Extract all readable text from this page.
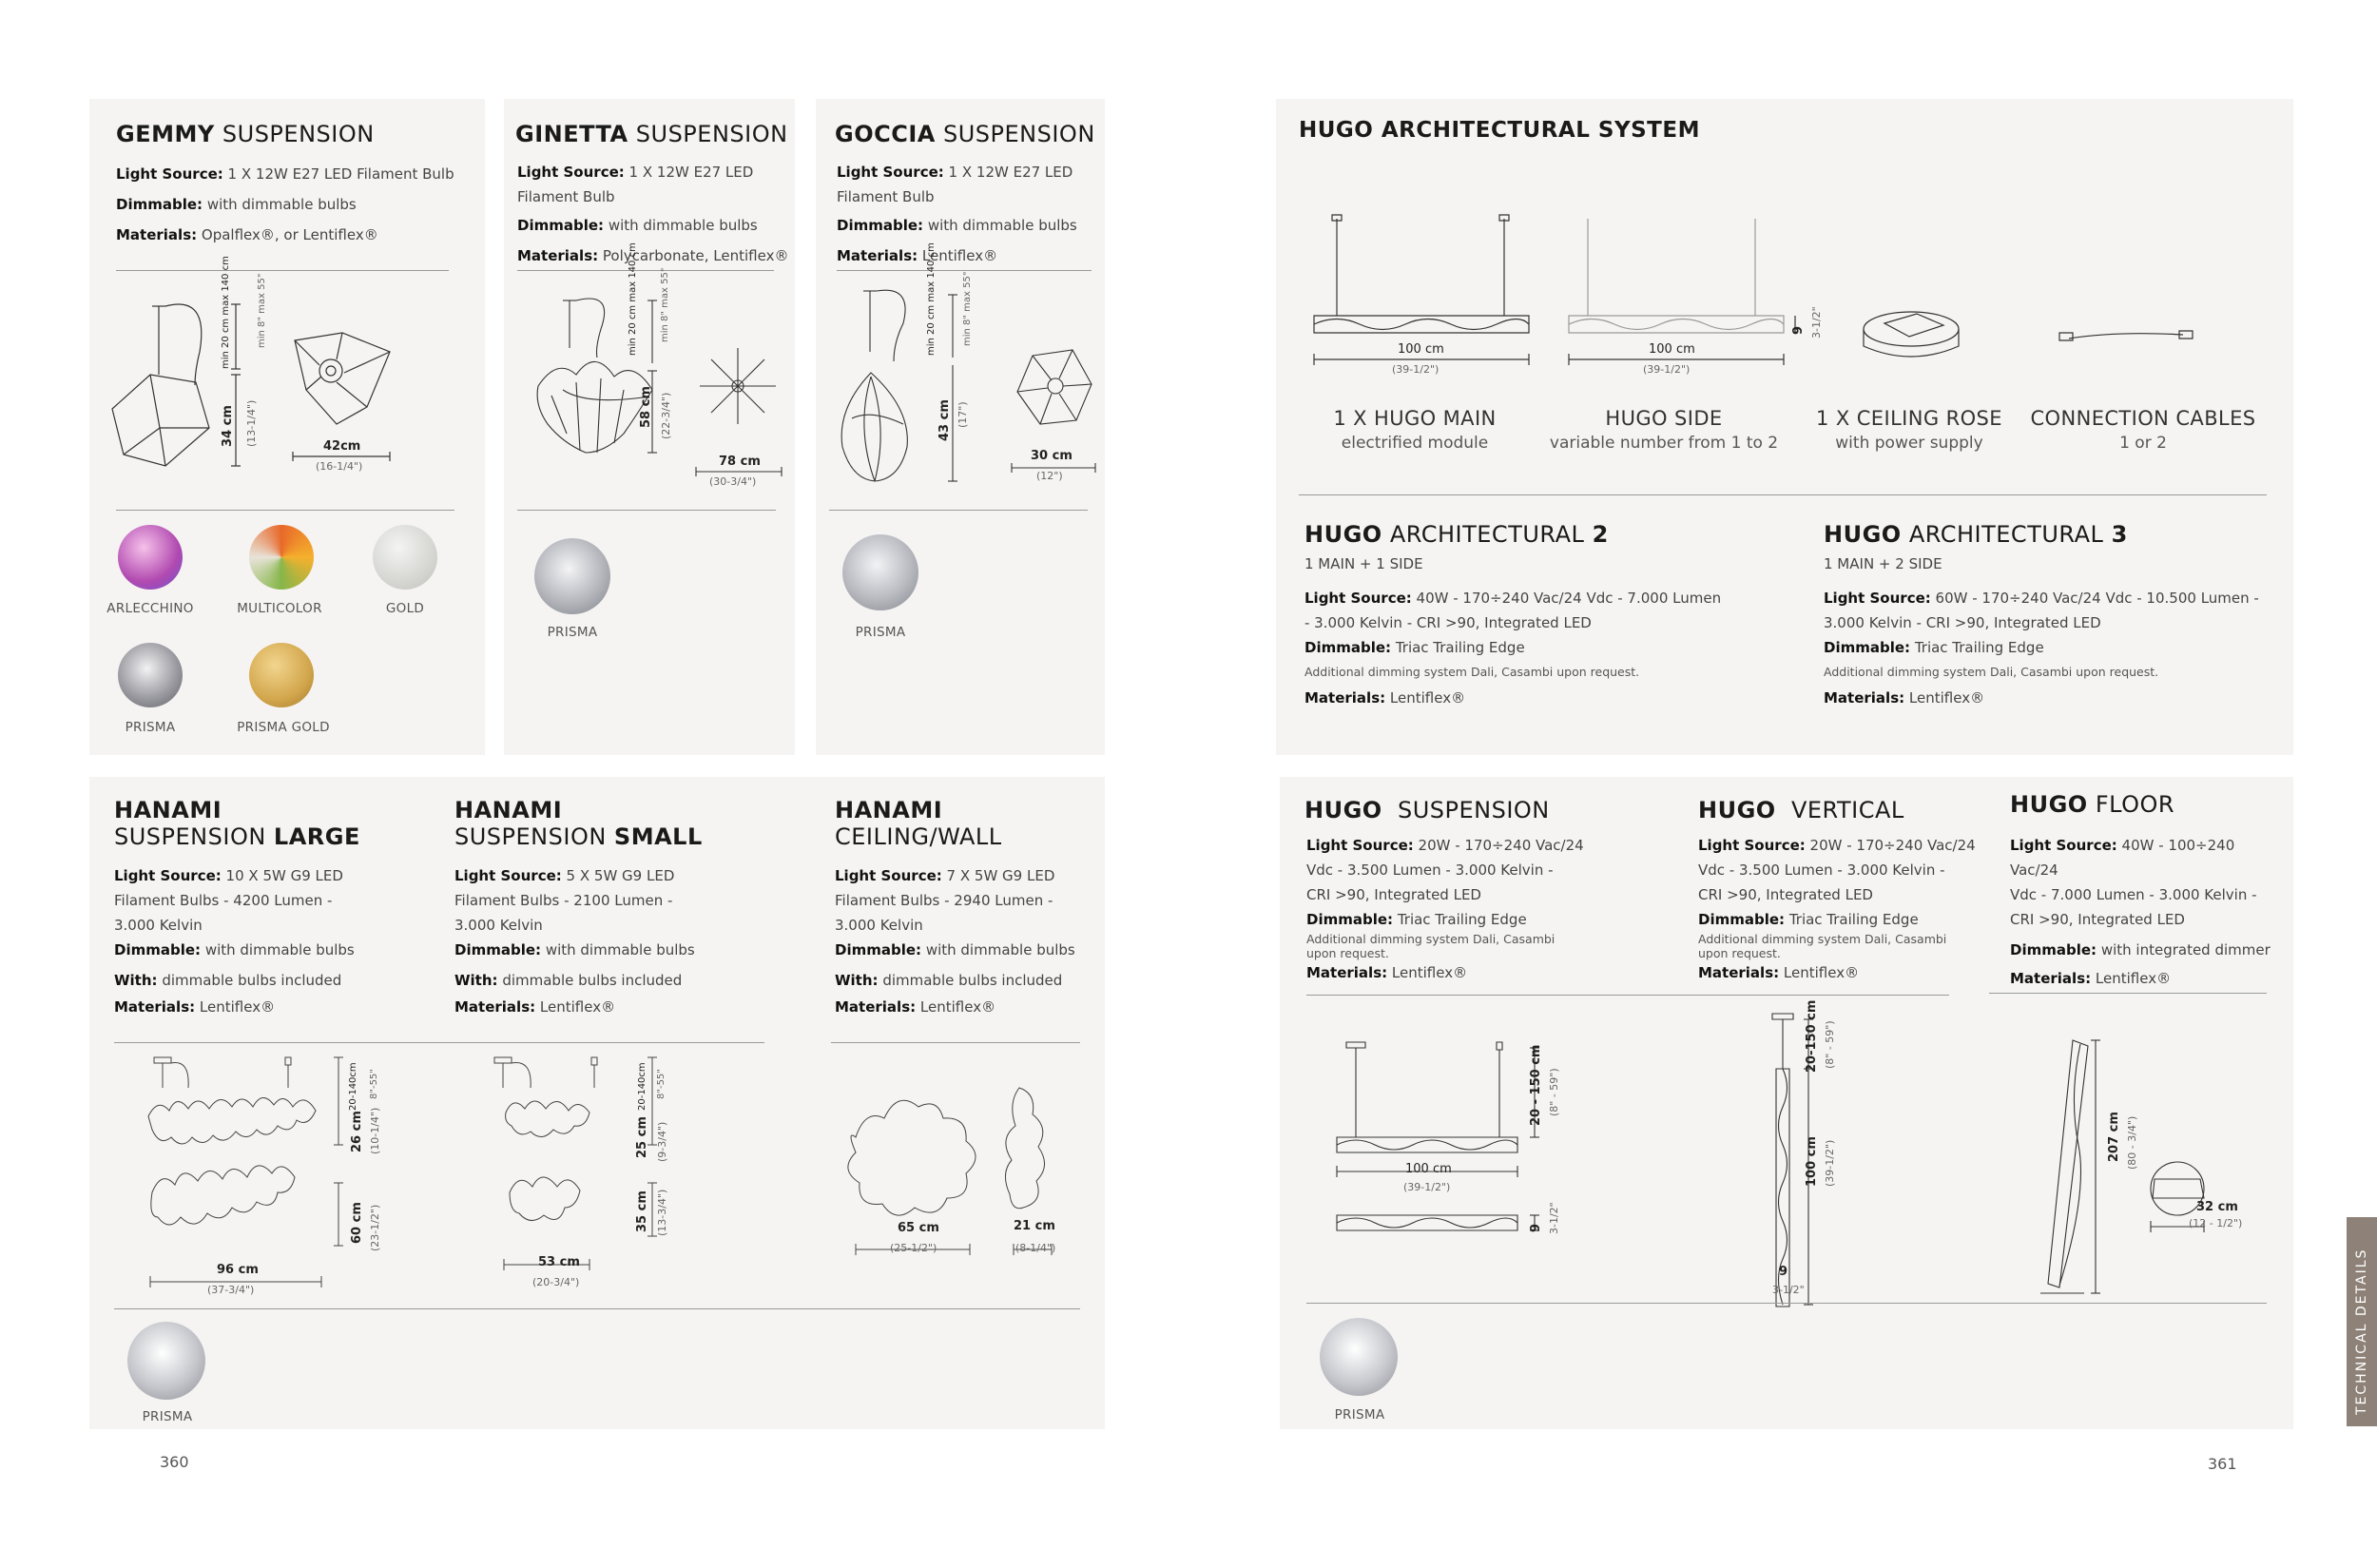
GEMMY SUSPENSION
Light Source: 1 X 12W E27 LED Filament Bulb
Dimmable: with dimmable bulbs
Materials: Opalflex®, or Lentiflex®
min 20 cm max 140 cm	min 8" max 55"
34 cm (13-1/4")	42cm
(16-1/4")
ARLECCHINO	MULTICOLOR	GOLD
PRISMA	PRISMA GOLD
GINETTA SUSPENSION
Light Source: 1 X 12W E27 LED
Filament Bulb
Dimmable: with dimmable bulbs
Materials: Polycarbonate, Lentiflex®
min 20 cm max 140 cm min 8" max 55"
58 cm (22-3/4")
78 cm
(30-3/4")
PRISMA
GOCCIA SUSPENSION
Light Source: 1 X 12W E27 LED
Filament Bulb
Dimmable: with dimmable bulbs
Materials: Lentiflex®
min 20 cm max 140 cm	min 8" max 55"
43 cm (17")
30 cm
(12")
PRISMA
HUGO ARCHITECTURAL SYSTEM
100 cm
(39-1/2")
100 cm
(39-1/2")
9 3-1/2"
1 X HUGO MAIN
electrified module
HUGO SIDE
variable number from 1 to 2
1 X CEILING ROSE
with power supply
CONNECTION CABLES
1 or 2
HUGO ARCHITECTURAL 2
1 MAIN + 1 SIDE
Light Source: 40W - 170÷240 Vac/24 Vdc - 7.000 Lumen
- 3.000 Kelvin - CRI >90, Integrated LED
Dimmable: Triac Trailing Edge
Additional dimming system Dali, Casambi upon request.
Materials: Lentiflex®
HUGO ARCHITECTURAL 3
1 MAIN + 2 SIDE
Light Source: 60W - 170÷240 Vac/24 Vdc - 10.500 Lumen -
3.000 Kelvin - CRI >90, Integrated LED
Dimmable: Triac Trailing Edge
Additional dimming system Dali, Casambi upon request.
Materials: Lentiflex®
HANAMI
SUSPENSION LARGE
Light Source: 10 X 5W G9 LED
Filament Bulbs - 4200 Lumen -
3.000 Kelvin
Dimmable: with dimmable bulbs
With: dimmable bulbs included
Materials: Lentiflex®
HANAMI
SUSPENSION SMALL
Light Source: 5 X 5W G9 LED
Filament Bulbs - 2100 Lumen -
3.000 Kelvin
Dimmable: with dimmable bulbs
With: dimmable bulbs included
Materials: Lentiflex®
HANAMI
CEILING/WALL
Light Source: 7 X 5W G9 LED
Filament Bulbs - 2940 Lumen -
3.000 Kelvin
Dimmable: with dimmable bulbs
With: dimmable bulbs included
Materials: Lentiflex®
20-140cm 8"-55"
26 cm (10-1/4")
60 cm (23-1/2")
96 cm
(37-3/4")
20-140cm 8"-55"
25 cm (9-3/4")
35 cm (13-3/4")
53 cm
(20-3/4")
65 cm
(25-1/2")
21 cm
(8-1/4")
PRISMA
HUGO SUSPENSION
Light Source: 20W - 170÷240 Vac/24
Vdc - 3.500 Lumen - 3.000 Kelvin -
CRI >90, Integrated LED
Dimmable: Triac Trailing Edge
Additional dimming system Dali, Casambi
upon request.
Materials: Lentiflex®
HUGO VERTICAL
Light Source: 20W - 170÷240 Vac/24
Vdc - 3.500 Lumen - 3.000 Kelvin -
CRI >90, Integrated LED
Dimmable: Triac Trailing Edge
Additional dimming system Dali, Casambi
upon request.
Materials: Lentiflex®
HUGO FLOOR
Light Source: 40W - 100÷240 Vac/24
Vdc - 7.000 Lumen - 3.000 Kelvin -
CRI >90, Integrated LED
Dimmable: with integrated dimmer
Materials: Lentiflex®
20 - 150 cm (8" - 59")
100 cm
(39-1/2")
9 3-1/2"
20-150 cm (8" - 59")
100 cm (39-1/2")
9
3-1/2"
207 cm (80 - 3/4")
32 cm
(12 - 1/2")
PRISMA
360	361
TECHNICAL DETAILS
